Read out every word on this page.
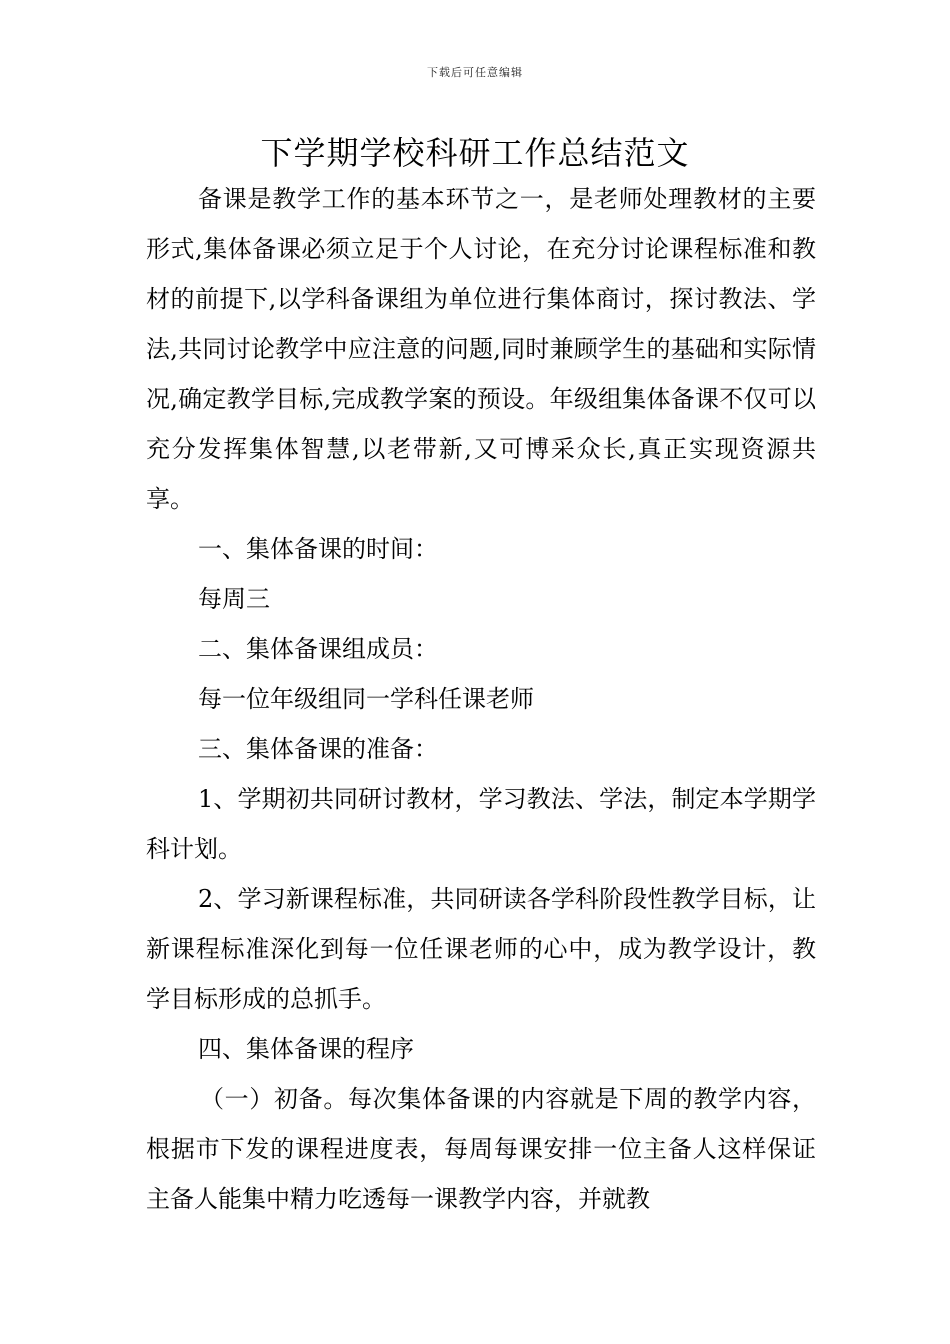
下载后可任意编辑
下学期学校科研工作总结范文

备课是教学工作的基本环节之一，是老师处理教材的主要形式,集体备课必须立足于个人讨论，在充分讨论课程标准和教材的前提下,以学科备课组为单位进行集体商讨，探讨教法、学法,共同讨论教学中应注意的问题,同时兼顾学生的基础和实际情况,确定教学目标,完成教学案的预设。年级组集体备课不仅可以充分发挥集体智慧,以老带新,又可博采众长,真正实现资源共享。

一、集体备课的时间：

每周三

二、集体备课组成员：

每一位年级组同一学科任课老师

三、集体备课的准备：

1、学期初共同研讨教材，学习教法、学法，制定本学期学科计划。

2、学习新课程标准，共同研读各学科阶段性教学目标，让新课程标准深化到每一位任课老师的心中，成为教学设计，教学目标形成的总抓手。

四、集体备课的程序

（一）初备。每次集体备课的内容就是下周的教学内容，根据市下发的课程进度表，每周每课安排一位主备人这样保证主备人能集中精力吃透每一课教学内容，并就教
